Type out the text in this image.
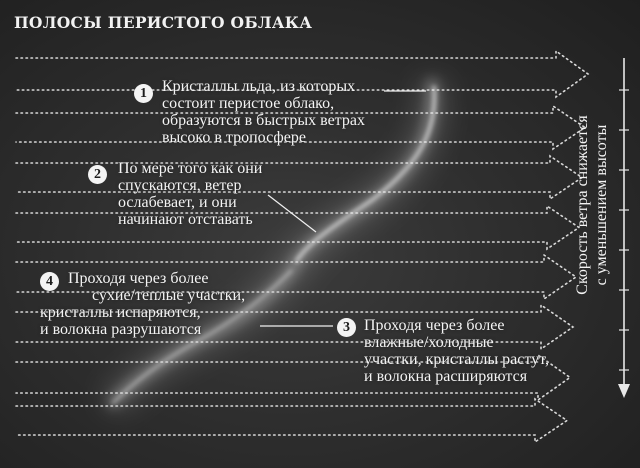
ПОЛОСЫ ПЕРИСТОГО ОБЛАКА
1 Кристаллы льда, из которых
состоит перистое облако,
образуются в быстрых ветрах
высоко в тропосфере
2	По мере того как они
спускаются, ветер
ослабевает, и они
начинают отставать
3 Проходя через более
влажные/холодные
участки, кристаллы растут,
и волокна расширяются
4 Проходя через более
сухие/теплые участки,
кристаллы испаряются,
и волокна разрушаются
Скорость ветра снижается с уменьшением высоты
